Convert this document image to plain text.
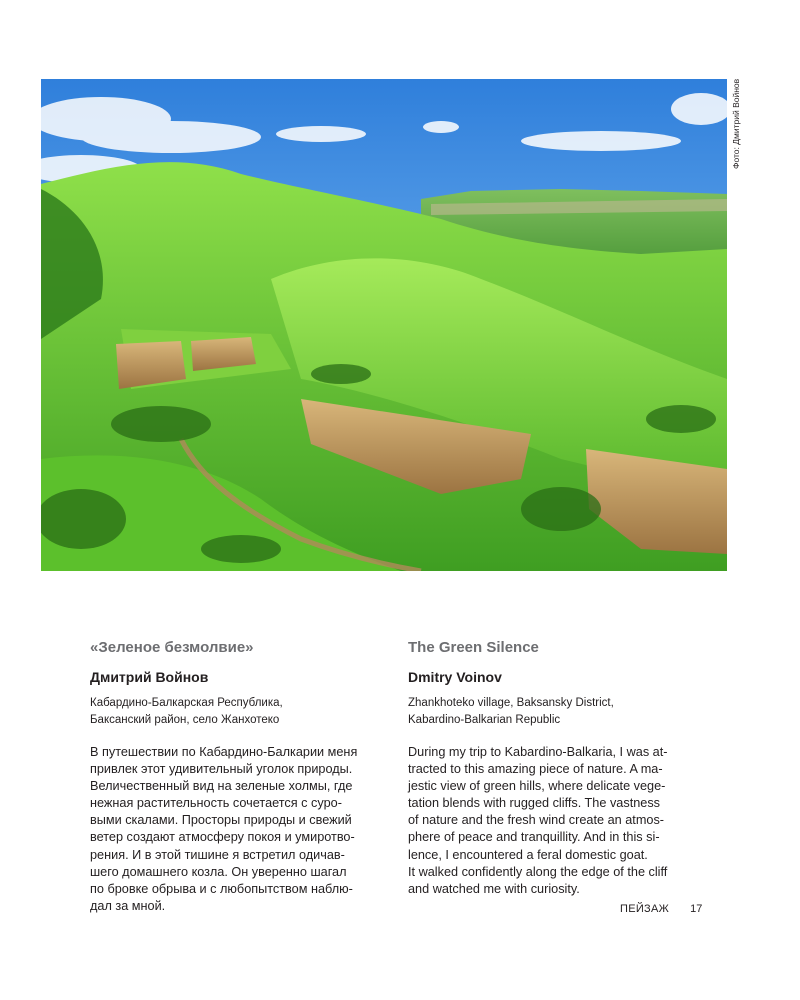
Фото: Дмитрий Войнов
«Зеленое безмолвие»
Дмитрий Войнов
Кабардино-Балкарская Республика,
Баксанский район, село Жанхотеко
В путешествии по Кабардино-Балкарии меня
привлек этот удивительный уголок природы.
Величественный вид на зеленые холмы, где
нежная растительность сочетается с суро-
выми скалами. Просторы природы и свежий
ветер создают атмосферу покоя и умиротво-
рения. И в этой тишине я встретил одичав-
шего домашнего козла. Он уверенно шагал
по бровке обрыва и с любопытством наблю-
дал за мной.
The Green Silence
Dmitry Voinov
Zhankhoteko village, Baksansky District,
Kabardino-Balkarian Republic
During my trip to Kabardino-Balkaria, I was at-
tracted to this amazing piece of nature. A ma-
jestic view of green hills, where delicate vege-
tation blends with rugged cliffs. The vastness
of nature and the fresh wind create an atmos-
phere of peace and tranquillity. And in this si-
lence, I encountered a feral domestic goat.
It walked confidently along the edge of the cliff
and watched me with curiosity.
ПЕЙЗАЖ 17
